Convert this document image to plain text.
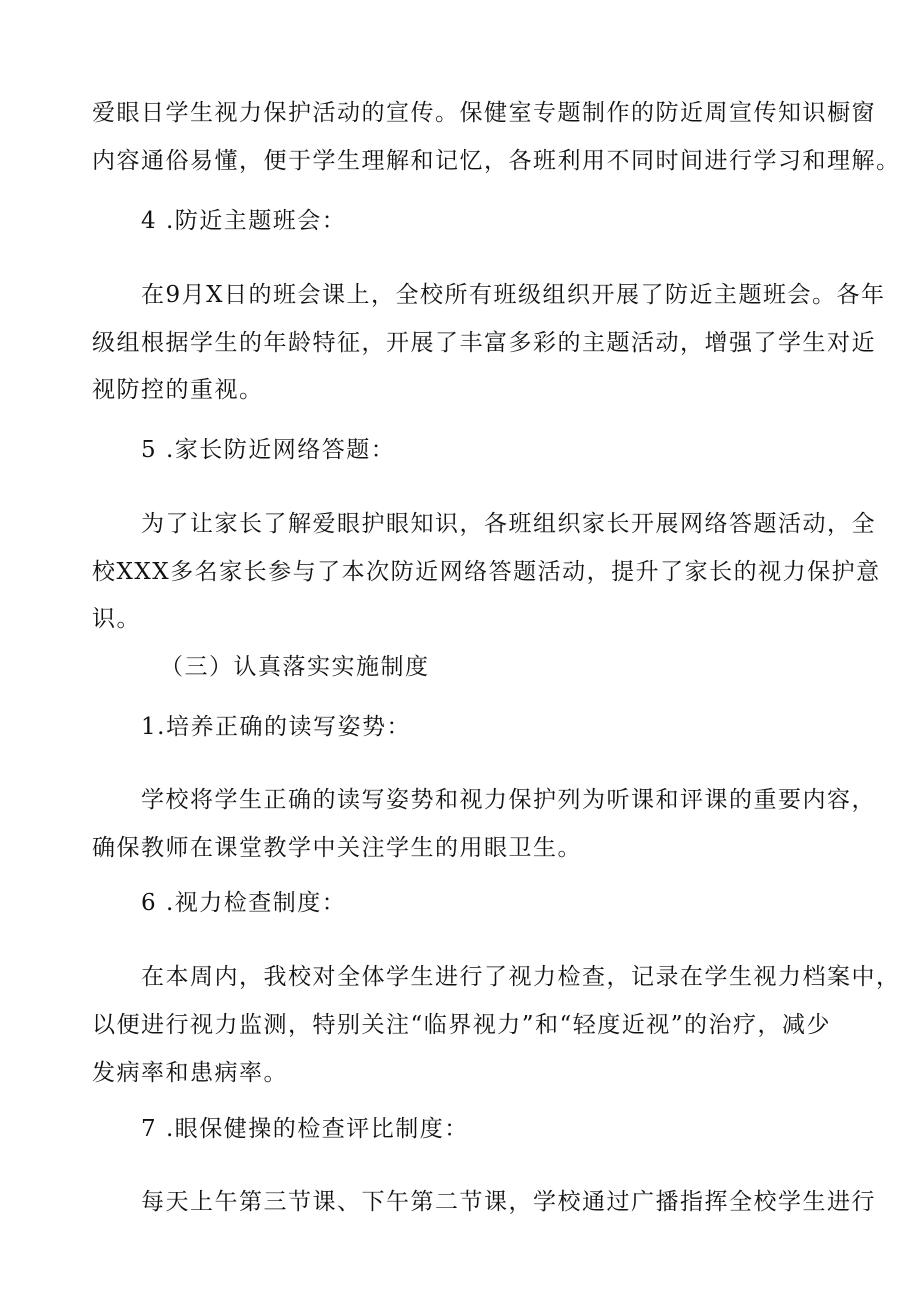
爱眼日学生视力保护活动的宣传。保健室专题制作的防近周宣传知识橱窗
内容通俗易懂，便于学生理解和记忆，各班利用不同时间进行学习和理解。
4 .防近主题班会：
在9月X日的班会课上，全校所有班级组织开展了防近主题班会。各年
级组根据学生的年龄特征，开展了丰富多彩的主题活动，增强了学生对近
视防控的重视。
5 .家长防近网络答题：
为了让家长了解爱眼护眼知识，各班组织家长开展网络答题活动，全
校XXX多名家长参与了本次防近网络答题活动，提升了家长的视力保护意
识。
（三）认真落实实施制度
1.培养正确的读写姿势：
学校将学生正确的读写姿势和视力保护列为听课和评课的重要内容，
确保教师在课堂教学中关注学生的用眼卫生。
6 .视力检查制度：
在本周内，我校对全体学生进行了视力检查，记录在学生视力档案中，
以便进行视力监测，特别关注“临界视力”和“轻度近视”的治疗，减少
发病率和患病率。
7 .眼保健操的检查评比制度：
每天上午第三节课、下午第二节课，学校通过广播指挥全校学生进行
